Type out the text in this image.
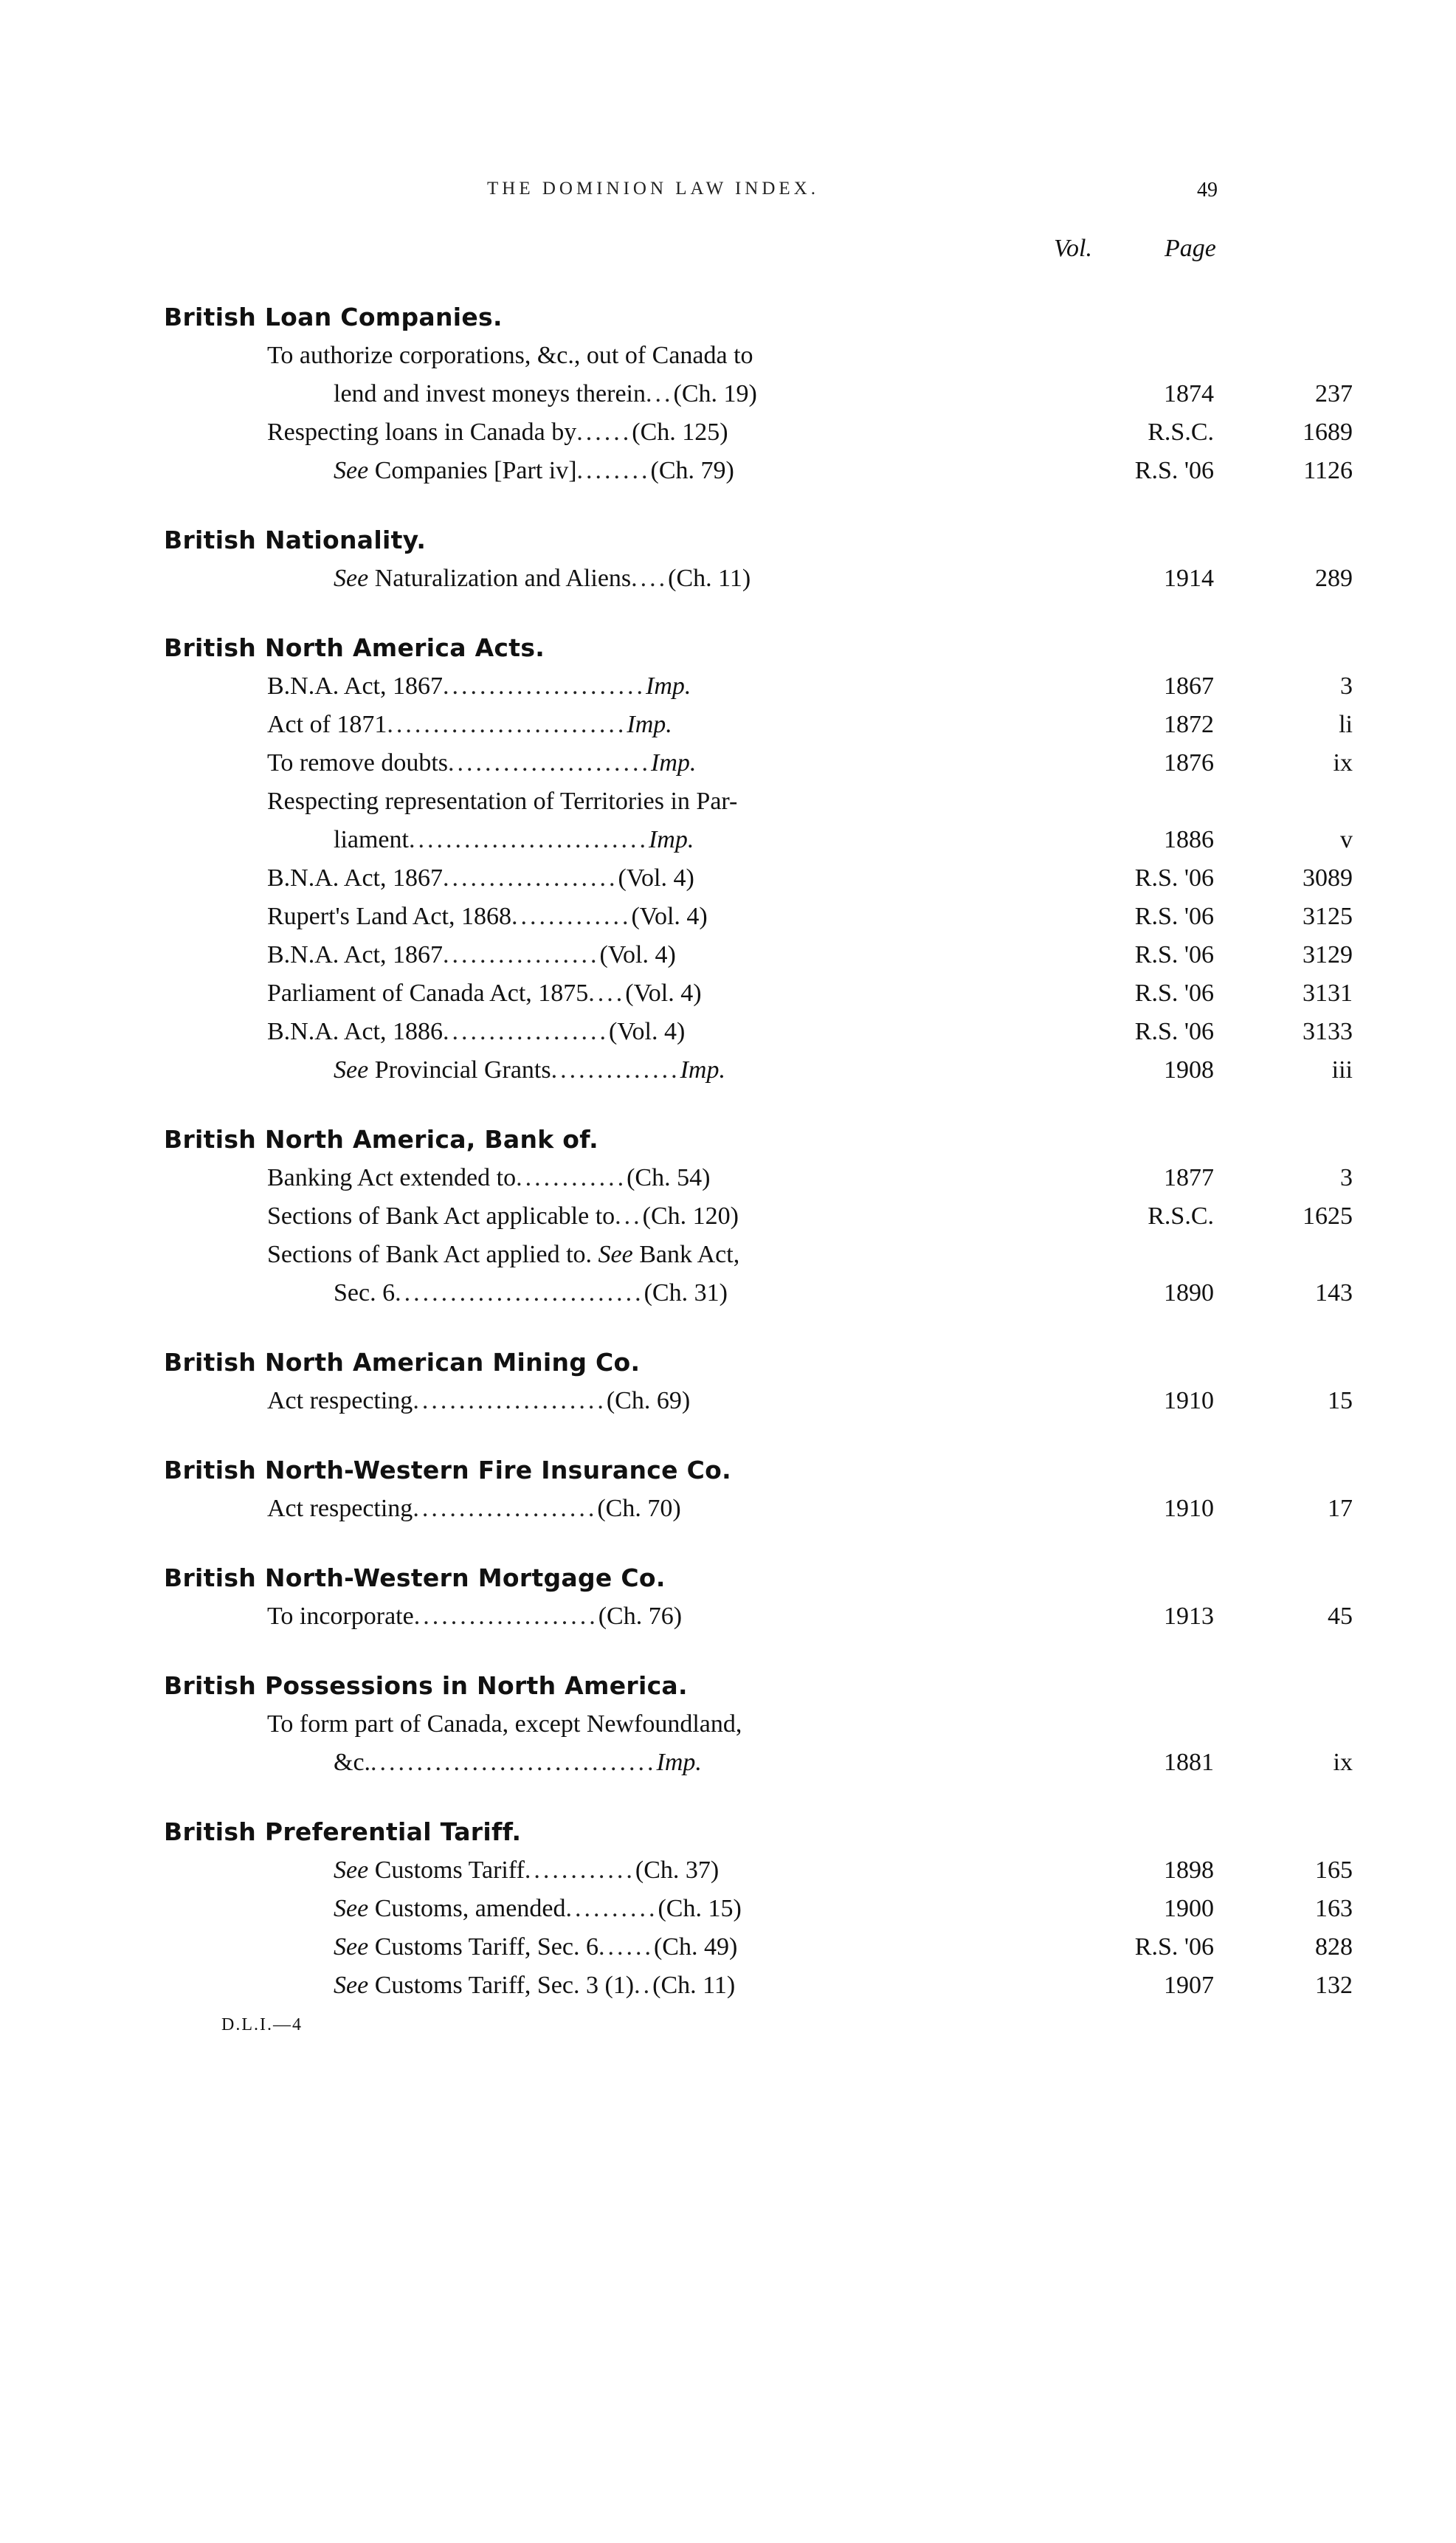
THE DOMINION LAW INDEX.	49
Vol.	Page
British Loan Companies.
To authorize corporations, &c., out of Canada to
lend and invest moneys therein...(Ch. 19)	1874	237
Respecting loans in Canada by......(Ch. 125)	R.S.C.	1689
See Companies [Part iv]........(Ch. 79)	R.S. '06	1126
British Nationality.
See Naturalization and Aliens....(Ch. 11)	1914	289
British North America Acts.
B.N.A. Act, 1867......................Imp.	1867	3
Act of 1871..........................Imp.	1872	li
To remove doubts......................Imp.	1876	ix
Respecting representation of Territories in Par-
liament..........................Imp.	1886	v
B.N.A. Act, 1867...................(Vol. 4)	R.S. '06	3089
Rupert's Land Act, 1868.............(Vol. 4)	R.S. '06	3125
B.N.A. Act, 1867.................(Vol. 4)	R.S. '06	3129
Parliament of Canada Act, 1875....(Vol. 4)	R.S. '06	3131
B.N.A. Act, 1886..................(Vol. 4)	R.S. '06	3133
See Provincial Grants..............Imp.	1908	iii
British North America, Bank of.
Banking Act extended to............(Ch. 54)	1877	3
Sections of Bank Act applicable to...(Ch. 120)	R.S.C.	1625
Sections of Bank Act applied to. See Bank Act,
Sec. 6...........................(Ch. 31)	1890	143
British North American Mining Co.
Act respecting.....................(Ch. 69)	1910	15
British North-Western Fire Insurance Co.
Act respecting....................(Ch. 70)	1910	17
British North-Western Mortgage Co.
To incorporate....................(Ch. 76)	1913	45
British Possessions in North America.
To form part of Canada, except Newfoundland,
&c................................Imp.	1881	ix
British Preferential Tariff.
See Customs Tariff............(Ch. 37)	1898	165
See Customs, amended..........(Ch. 15)	1900	163
See Customs Tariff, Sec. 6......(Ch. 49)	R.S. '06	828
See Customs Tariff, Sec. 3 (1)..(Ch. 11)	1907	132
D.L.I.—4
